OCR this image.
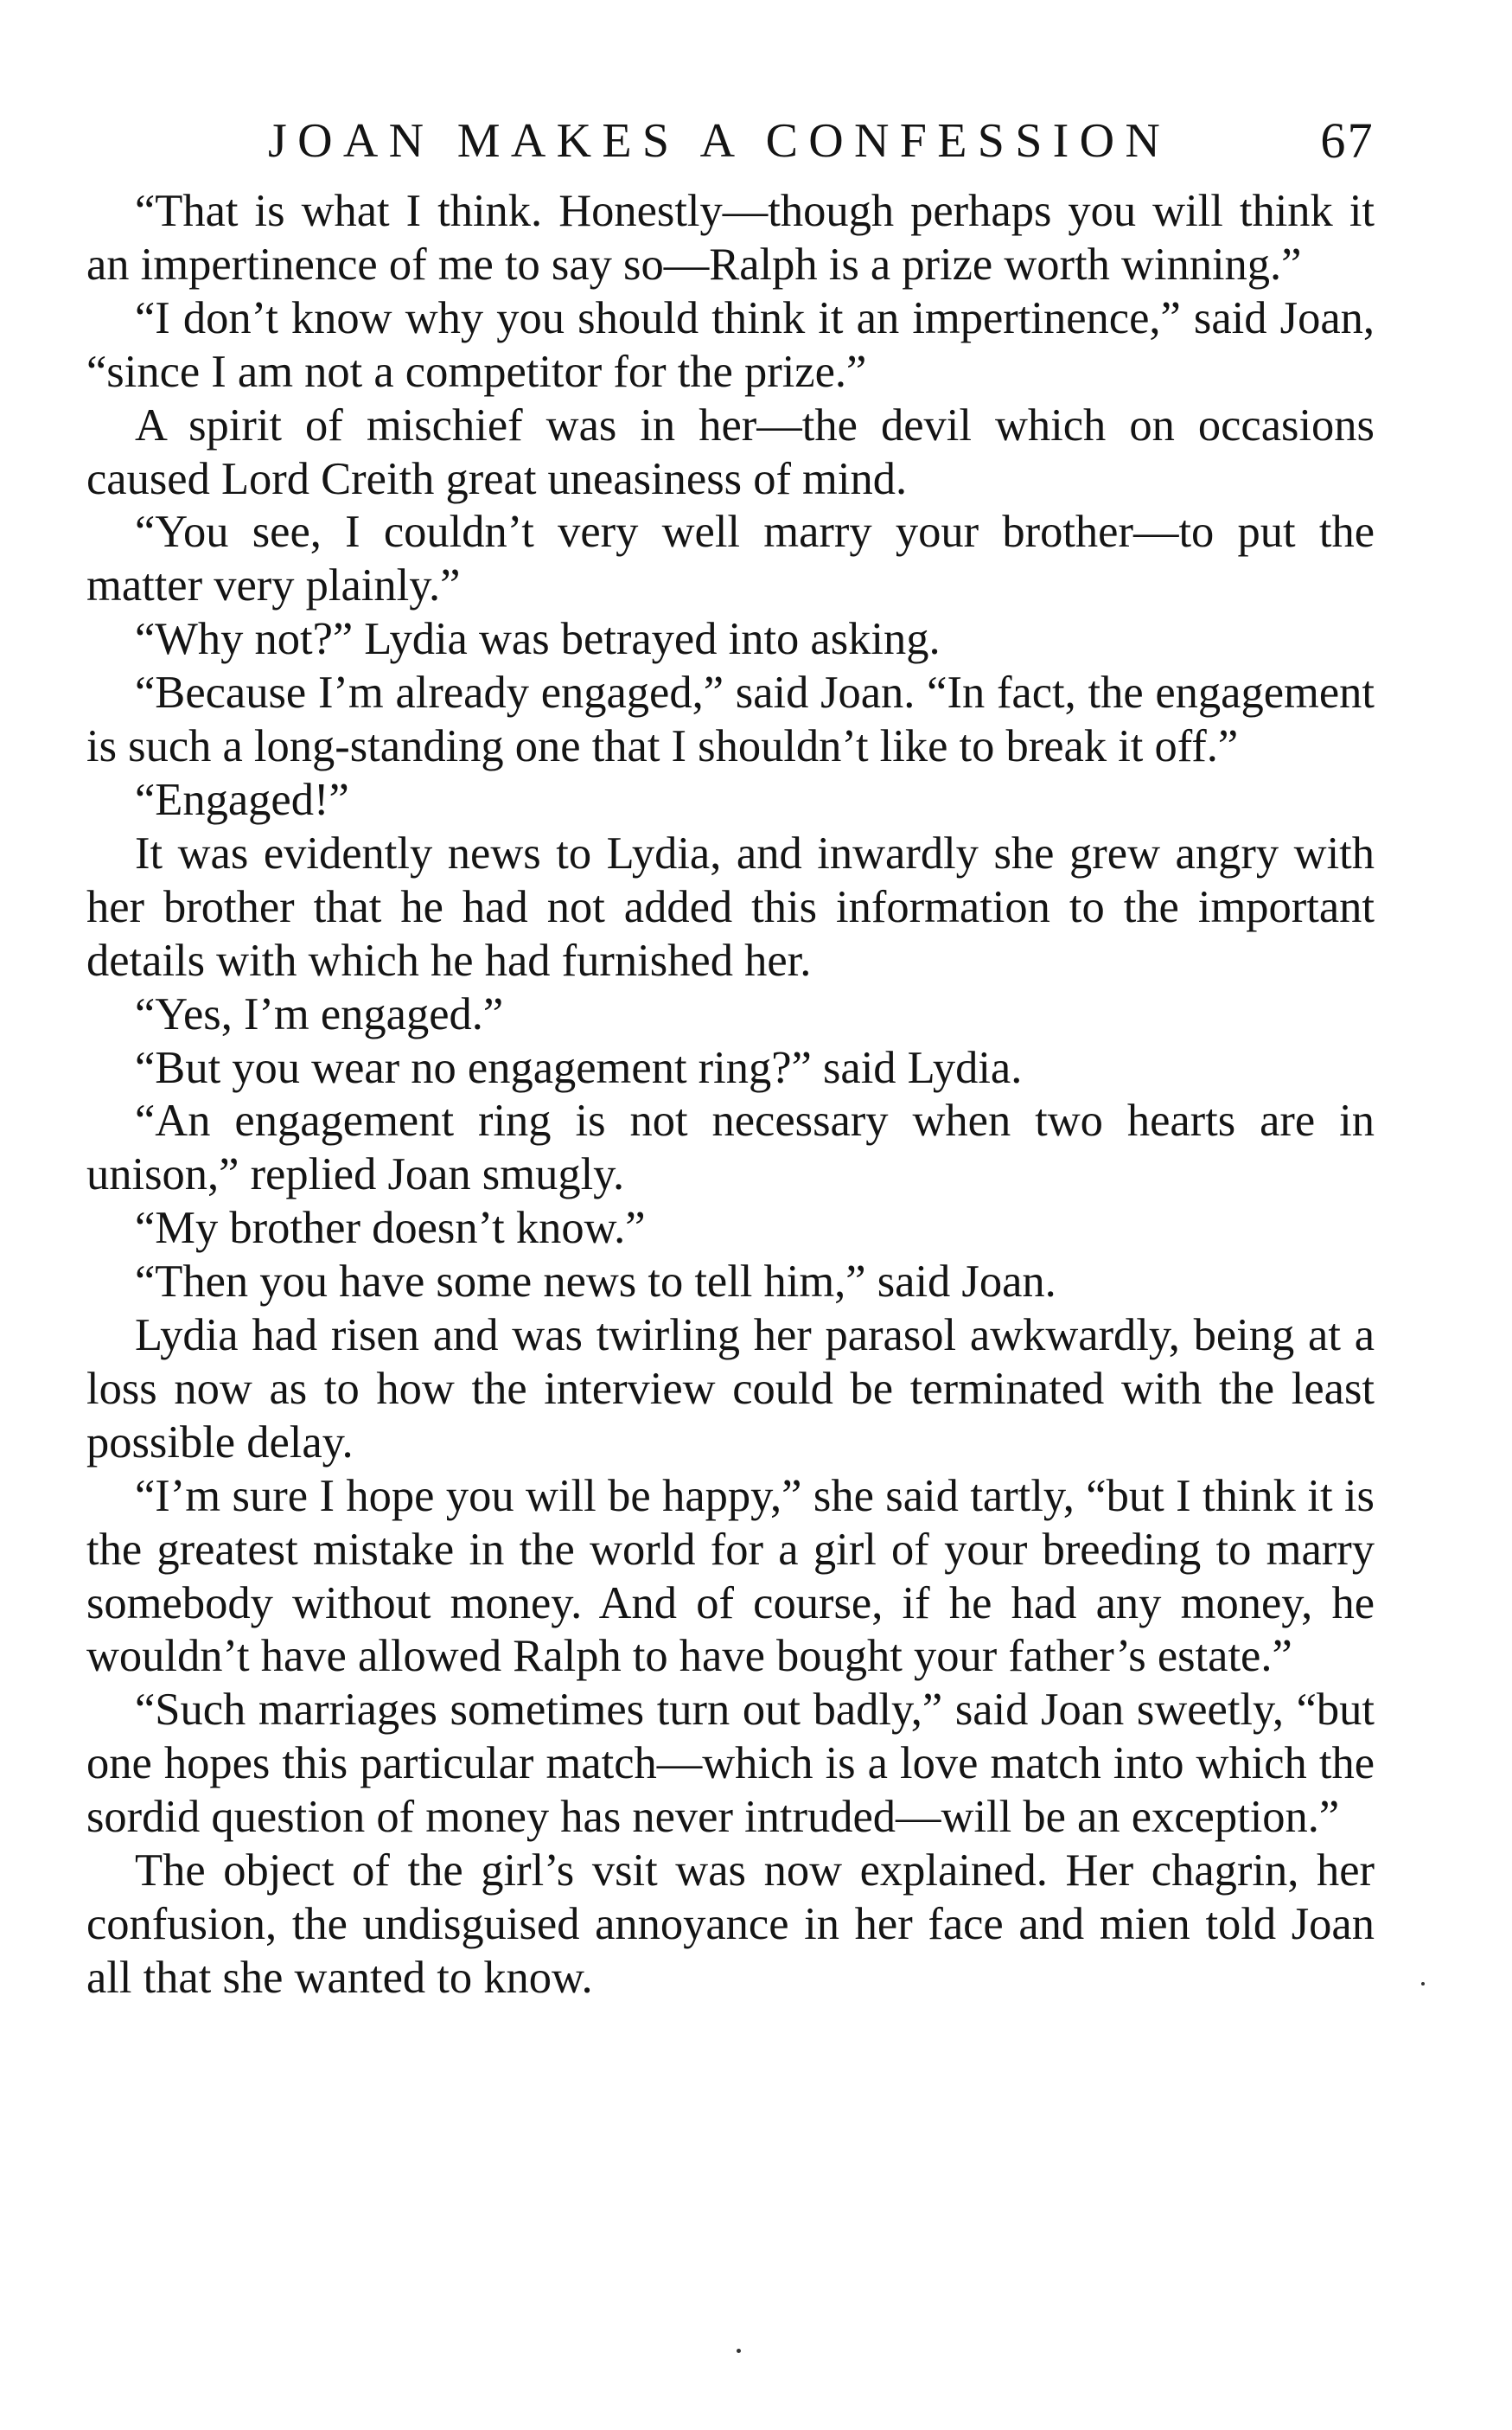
JOAN MAKES A CONFESSION	67

“That is what I think. Honestly—though perhaps you will think it an impertinence of me to say so—Ralph is a prize worth winning.”

“I don’t know why you should think it an impertinence,” said Joan, “since I am not a competitor for the prize.”

A spirit of mischief was in her—the devil which on occasions caused Lord Creith great uneasiness of mind.

“You see, I couldn’t very well marry your brother—to put the matter very plainly.”

“Why not?” Lydia was betrayed into asking.

“Because I’m already engaged,” said Joan. “In fact, the engagement is such a long-standing one that I shouldn’t like to break it off.”

“Engaged!”

It was evidently news to Lydia, and inwardly she grew angry with her brother that he had not added this information to the important details with which he had furnished her.

“Yes, I’m engaged.”

“But you wear no engagement ring?” said Lydia.

“An engagement ring is not necessary when two hearts are in unison,” replied Joan smugly.

“My brother doesn’t know.”

“Then you have some news to tell him,” said Joan.

Lydia had risen and was twirling her parasol awkwardly, being at a loss now as to how the interview could be terminated with the least possible delay.

“I’m sure I hope you will be happy,” she said tartly, “but I think it is the greatest mistake in the world for a girl of your breeding to marry somebody without money. And of course, if he had any money, he wouldn’t have allowed Ralph to have bought your father’s estate.”

“Such marriages sometimes turn out badly,” said Joan sweetly, “but one hopes this particular match—which is a love match into which the sordid question of money has never intruded—will be an exception.”

The object of the girl’s vsit was now explained. Her chagrin, her confusion, the undisguised annoyance in her face and mien told Joan all that she wanted to know.
